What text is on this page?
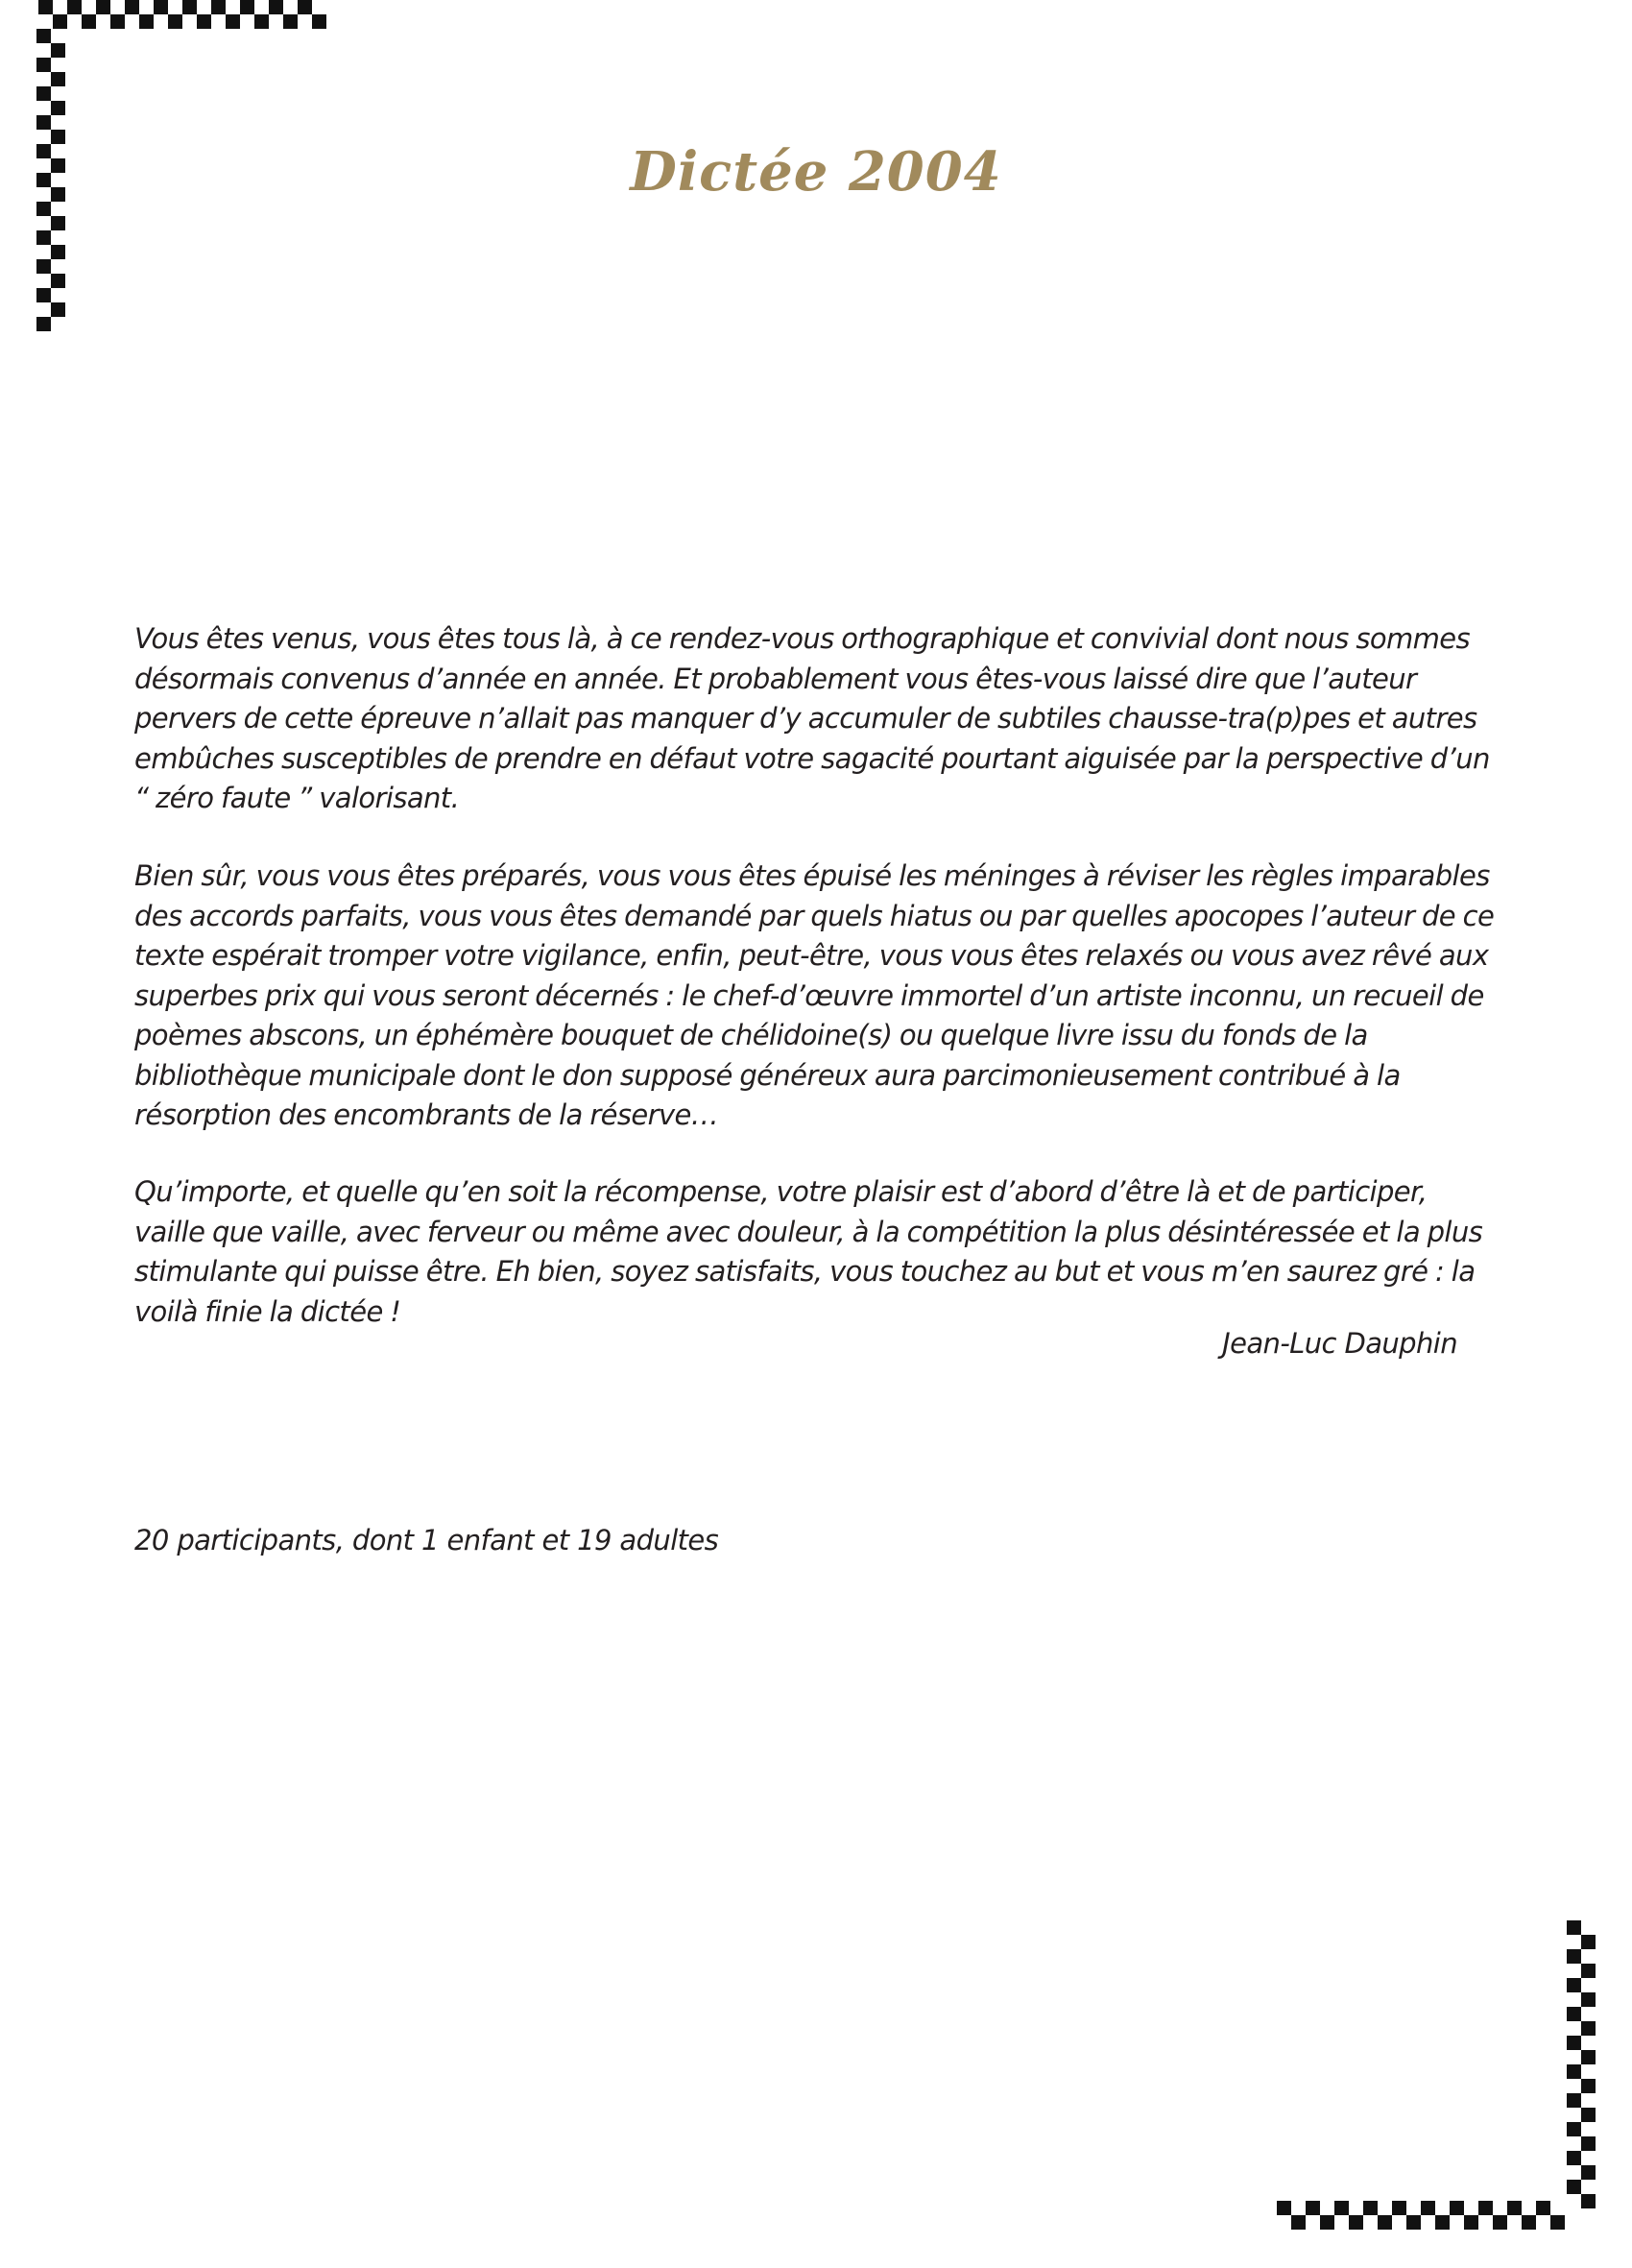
Dictée 2004

Vous êtes venus, vous êtes tous là, à ce rendez-vous orthographique et convivial dont nous sommes désormais convenus d’année en année. Et probablement vous êtes-vous laissé dire que l’auteur pervers de cette épreuve n’allait pas manquer d’y accumuler de subtiles chausse-tra(p)pes et autres embûches susceptibles de prendre en défaut votre sagacité pourtant aiguisée par la perspective d’un “ zéro faute ” valorisant.

Bien sûr, vous vous êtes préparés, vous vous êtes épuisé les méninges à réviser les règles imparables des accords parfaits, vous vous êtes demandé par quels hiatus ou par quelles apocopes l’auteur de ce texte espérait tromper votre vigilance, enfin, peut-être, vous vous êtes relaxés ou vous avez rêvé aux superbes prix qui vous seront décernés : le chef-d’œuvre immortel d’un artiste inconnu, un recueil de poèmes abscons, un éphémère bouquet de chélidoine(s) ou quelque livre issu du fonds de la bibliothèque municipale dont le don supposé généreux aura parcimonieusement contribué à la résorption des encombrants de la réserve…

Qu’importe, et quelle qu’en soit la récompense, votre plaisir est d’abord d’être là et de participer, vaille que vaille, avec ferveur ou même avec douleur, à la compétition la plus désintéressée et la plus stimulante qui puisse être. Eh bien, soyez satisfaits, vous touchez au but et vous m’en saurez gré : la voilà finie la dictée !

Jean-Luc Dauphin
20 participants, dont 1 enfant et 19 adultes
